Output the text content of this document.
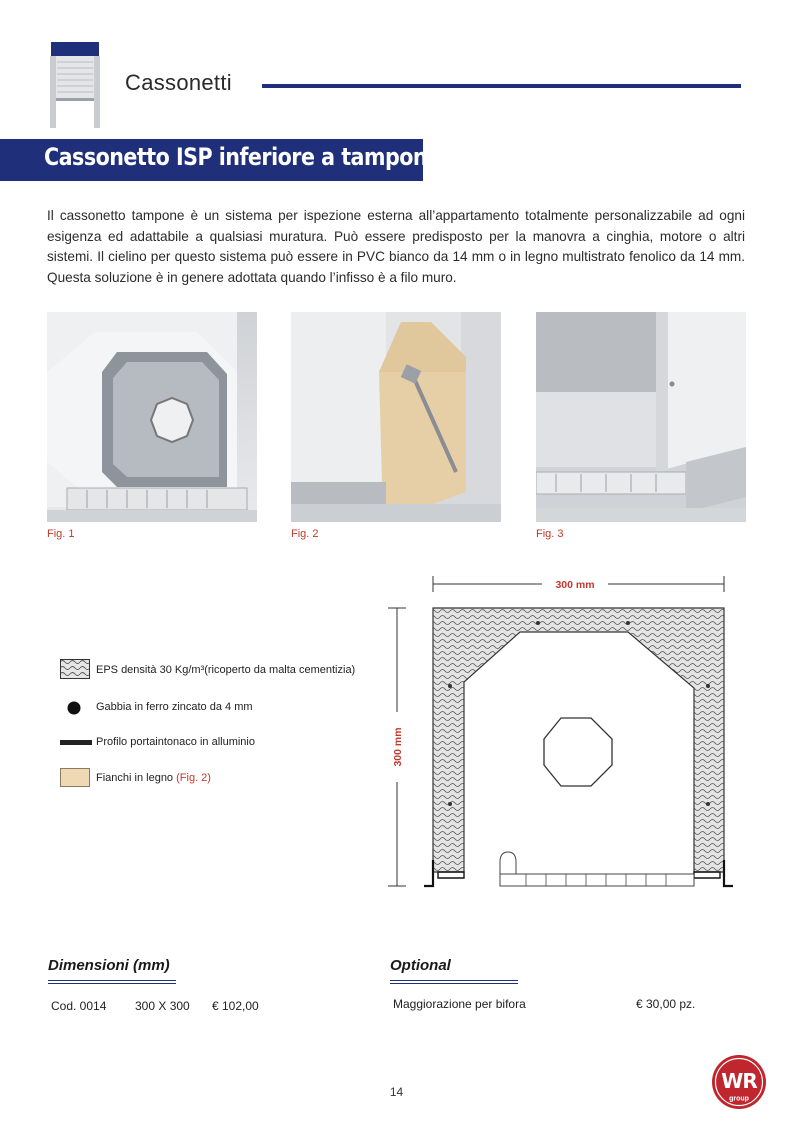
Cassonetti
Cassonetto ISP inferiore a tampone

Il cassonetto tampone è un sistema per ispezione esterna all’appartamento totalmente personalizzabile ad ogni esigenza ed adattabile a qualsiasi muratura. Può essere predisposto per la manovra a cinghia, motore o altri sistemi. Il cielino per questo sistema può essere in PVC bianco da 14 mm o in legno multistrato fenolico da 14 mm. Questa soluzione è in genere adottata quando l’infisso è a filo muro.

Fig. 1	Fig. 2	Fig. 3
EPS densità 30 Kg/m³(ricoperto da malta cementizia)
Gabbia in ferro zincato da 4 mm
Profilo portaintonaco in alluminio
Fianchi in legno (Fig. 2)
300 mm
300 mm
Dimensioni (mm)
Cod. 0014 300 X 300 € 102,00
Optional
Maggiorazione per bifora	€ 30,00 pz.
14	WR
group
